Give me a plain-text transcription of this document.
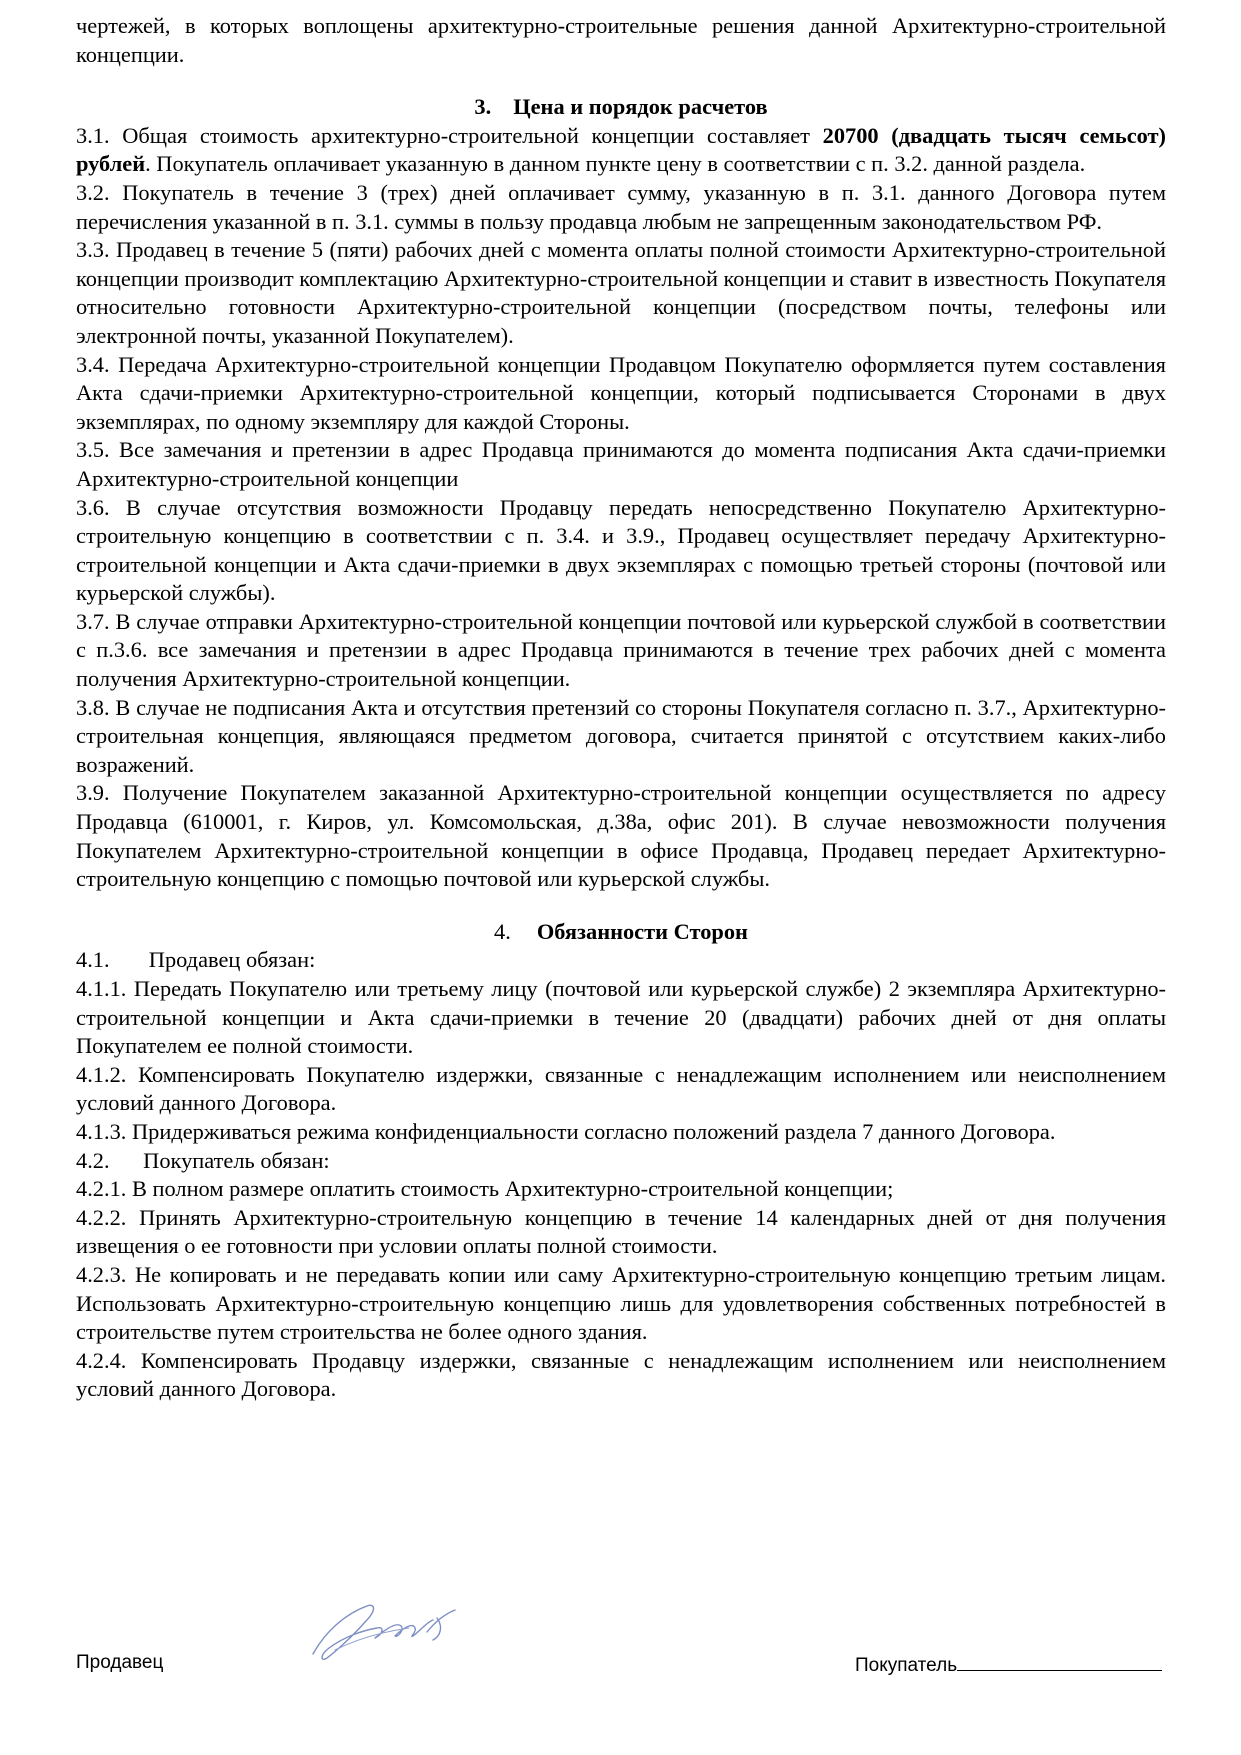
чертежей, в которых воплощены архитектурно-строительные решения данной Архитектурно-строительной концепции.

3. Цена и порядок расчетов

3.1. Общая стоимость архитектурно-строительной концепции составляет 20700 (двадцать тысяч семьсот) рублей. Покупатель оплачивает указанную в данном пункте цену в соответствии с п. 3.2. данной раздела.

3.2. Покупатель в течение 3 (трех) дней оплачивает сумму, указанную в п. 3.1. данного Договора путем перечисления указанной в п. 3.1. суммы в пользу продавца любым не запрещенным законодательством РФ.

3.3. Продавец в течение 5 (пяти) рабочих дней с момента оплаты полной стоимости Архитектурно-строительной концепции производит комплектацию Архитектурно-строительной концепции и ставит в известность Покупателя относительно готовности Архитектурно-строительной концепции (посредством почты, телефоны или электронной почты, указанной Покупателем).

3.4. Передача Архитектурно-строительной концепции Продавцом Покупателю оформляется путем составления Акта сдачи-приемки Архитектурно-строительной концепции, который подписывается Сторонами в двух экземплярах, по одному экземпляру для каждой Стороны.

3.5. Все замечания и претензии в адрес Продавца принимаются до момента подписания Акта сдачи-приемки Архитектурно-строительной концепции

3.6. В случае отсутствия возможности Продавцу передать непосредственно Покупателю Архитектурно-строительную концепцию в соответствии с п. 3.4. и 3.9., Продавец осуществляет передачу Архитектурно-строительной концепции и Акта сдачи-приемки в двух экземплярах с помощью третьей стороны (почтовой или курьерской службы).

3.7. В случае отправки Архитектурно-строительной концепции почтовой или курьерской службой в соответствии с п.3.6. все замечания и претензии в адрес Продавца принимаются в течение трех рабочих дней с момента получения Архитектурно-строительной концепции.

3.8. В случае не подписания Акта и отсутствия претензий со стороны Покупателя согласно п. 3.7., Архитектурно-строительная концепция, являющаяся предметом договора, считается принятой с отсутствием каких-либо возражений.

3.9. Получение Покупателем заказанной Архитектурно-строительной концепции осуществляется по адресу Продавца (610001, г. Киров, ул. Комсомольская, д.38а, офис 201). В случае невозможности получения Покупателем Архитектурно-строительной концепции в офисе Продавца, Продавец передает Архитектурно-строительную концепцию с помощью почтовой или курьерской службы.

4. Обязанности Сторон

4.1.       Продавец обязан:

4.1.1. Передать Покупателю или третьему лицу (почтовой или курьерской службе) 2 экземпляра Архитектурно-строительной концепции и Акта сдачи-приемки в течение 20 (двадцати) рабочих дней от дня оплаты Покупателем ее полной стоимости.

4.1.2. Компенсировать Покупателю издержки, связанные с ненадлежащим исполнением или неисполнением условий данного Договора.

4.1.3. Придерживаться режима конфиденциальности согласно положений раздела 7 данного Договора.

4.2.      Покупатель обязан:

4.2.1. В полном размере оплатить стоимость Архитектурно-строительной концепции;

4.2.2. Принять Архитектурно-строительную концепцию в течение 14 календарных дней от дня получения извещения о ее готовности при условии оплаты полной стоимости.

4.2.3. Не копировать и не передавать копии или саму Архитектурно-строительную концепцию третьим лицам. Использовать Архитектурно-строительную концепцию лишь для удовлетворения собственных потребностей в строительстве путем строительства не более одного здания.

4.2.4. Компенсировать Продавцу издержки, связанные с ненадлежащим исполнением или неисполнением условий данного Договора.

Продавец	Покупатель
